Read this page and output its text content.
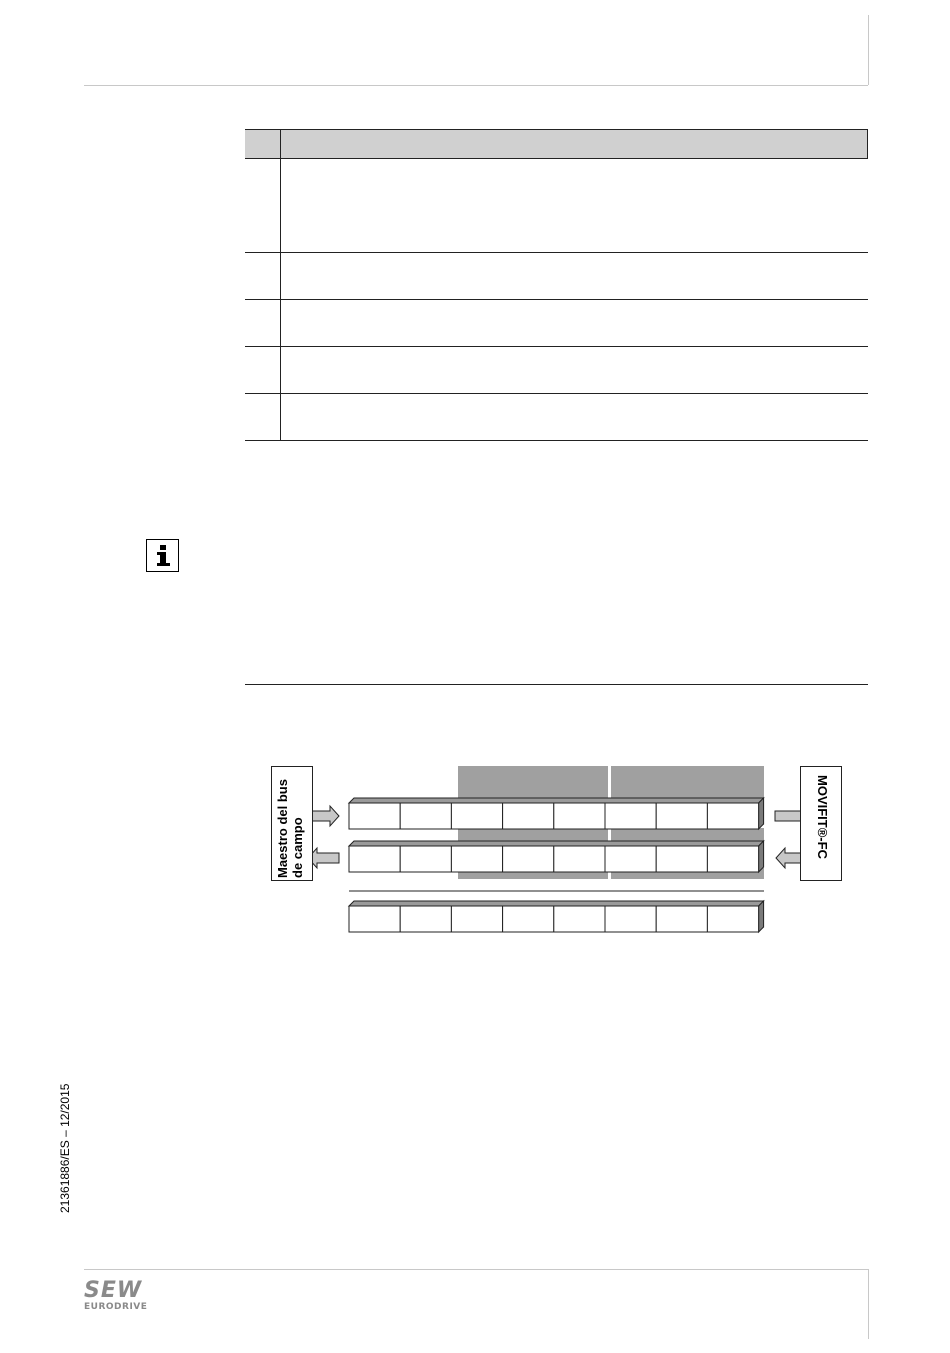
Maestro del bus de campo	MOVIFIT®-FC
21361886/ES – 12/2015
SEW
EURODRIVE
